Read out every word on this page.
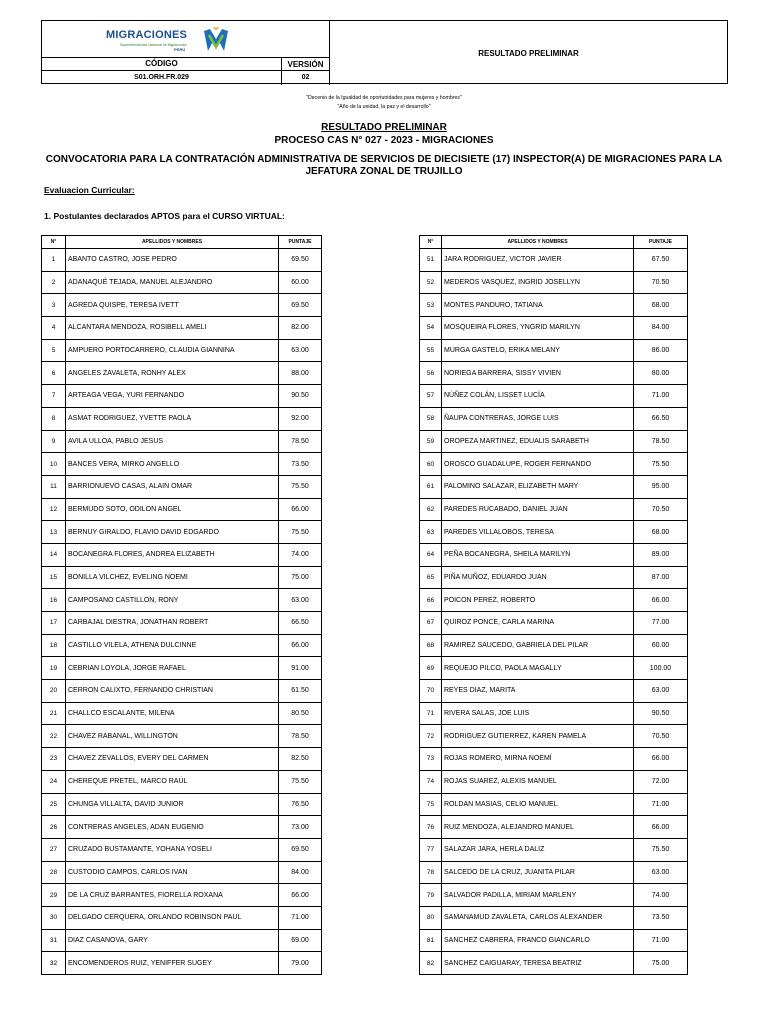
MIGRACIONES
Superintendencia Nacional de Migraciones
PERÚ	RESULTADO PRELIMINAR
CÓDIGO	VERSIÓN
S01.ORH.FR.029	02
"Decenio de la Igualdad de oportunidades para mujeres y hombres"
"Año de la unidad, la paz y el desarrollo"
RESULTADO PRELIMINAR
PROCESO CAS N° 027 - 2023 - MIGRACIONES
CONVOCATORIA PARA LA CONTRATACIÓN ADMINISTRATIVA DE SERVICIOS DE DIECISIETE (17) INSPECTOR(A) DE MIGRACIONES PARA LA JEFATURA ZONAL DE TRUJILLO
Evaluacion Curricular:
1. Postulantes declarados APTOS para el CURSO VIRTUAL:
N°	APELLIDOS Y NOMBRES	PUNTAJE
1	ABANTO CASTRO, JOSE PEDRO	69.50
2	ADANAQUÉ TEJADA, MANUEL ALEJANDRO	60.00
3	AGREDA QUISPE, TERESA IVETT	69.50
4	ALCANTARA MENDOZA, ROSIBELL AMELI	82.00
5	AMPUERO PORTOCARRERO, CLAUDIA GIANNINA	63.00
6	ANGELES ZAVALETA, RONHY ALEX	88.00
7	ARTEAGA VEGA, YURI FERNANDO	90.50
8	ASMAT RODRIGUEZ, YVETTE PAOLA	92.00
9	AVILA ULLOA, PABLO JESUS	78.50
10	BANCES VERA, MIRKO ANGELLO	73.50
11	BARRIONUEVO CASAS, ALAIN OMAR	75.50
12	BERMUDO SOTO, ODILON ANGEL	66.00
13	BERNUY GIRALDO, FLAVIO DAVID EDGARDO	75.50
14	BOCANEGRA FLORES, ANDREA ELIZABETH	74.00
15	BONILLA VILCHEZ, EVELING NOEMI	75.00
16	CAMPOSANO CASTILLON, RONY	63.00
17	CARBAJAL DIESTRA, JONATHAN ROBERT	66.50
18	CASTILLO VILELA, ATHENA DULCINNE	66.00
19	CEBRIAN LOYOLA, JORGE RAFAEL	91.00
20	CERRON CALIXTO, FERNANDO CHRISTIAN	61.50
21	CHALLCO ESCALANTE, MILENA	80.50
22	CHAVEZ RABANAL, WILLINGTON	78.50
23	CHAVEZ ZEVALLOS, EVERY DEL CARMEN	82.50
24	CHEREQUE PRETEL, MARCO RAÚL	75.50
25	CHUNGA VILLALTA, DAVID JUNIOR	76.50
26	CONTRERAS ANGELES, ADAN EUGENIO	73.00
27	CRUZADO BUSTAMANTE, YOHANA YOSELI	69.50
28	CUSTODIO CAMPOS, CARLOS IVAN	84.00
29	DE LA CRUZ BARRANTES, FIORELLA ROXANA	66.00
30	DELGADO CERQUERA, ORLANDO ROBINSON PAUL	71.00
31	DIAZ CASANOVA, GARY	69.00
32	ENCOMENDEROS RUIZ, YENIFFER SUGEY	79.00
N°	APELLIDOS Y NOMBRES	PUNTAJE
51	JARA RODRIGUEZ, VICTOR JAVIER	67.50
52	MEDEROS VASQUEZ, INGRID JOSELLYN	70.50
53	MONTES PANDURO, TATIANA	68.00
54	MOSQUEIRA FLORES, YNGRID MARILYN	84.00
55	MURGA GASTELO, ERIKA MELANY	86.00
56	NORIEGA BARRERA, SISSY VIVIEN	80.00
57	NÚÑEZ COLÁN, LISSET LUCÍA	71.00
58	ÑAUPA CONTRERAS, JORGE LUIS	66.50
59	OROPEZA MARTINEZ, EDUALIS SARABETH	78.50
60	OROSCO GUADALUPE, ROGER FERNANDO	75.50
61	PALOMINO SALAZAR, ELIZABETH MARY	95.00
62	PAREDES RUCABADO, DANIEL JUAN	70.50
63	PAREDES VILLALOBOS, TERESA	68.00
64	PEÑA BOCANEGRA, SHEILA MARILYN	89.00
65	PIÑA MUÑOZ, EDUARDO JUAN	87.00
66	POICON PEREZ, ROBERTO	66.00
67	QUIROZ PONCE, CARLA MARINA	77.00
68	RAMIREZ SAUCEDO, GABRIELA DEL PILAR	60.00
69	REQUEJO PILCO, PAOLA MAGALLY	100.00
70	REYES DIAZ, MARITA	63.00
71	RIVERA SALAS, JOE LUIS	90.50
72	RODRIGUEZ GUTIERREZ, KAREN PAMELA	70.50
73	ROJAS ROMERO, MIRNA NOEMÍ	66.00
74	ROJAS SUAREZ, ALEXIS MANUEL	72.00
75	ROLDAN MASIAS, CELIO MANUEL	71.00
76	RUIZ MENDOZA, ALEJANDRO MANUEL	66.00
77	SALAZAR JARA, HERLA DALIZ	75.50
78	SALCEDO DE LA CRUZ, JUANITA PILAR	63.00
79	SALVADOR PADILLA, MIRIAM MARLENY	74.00
80	SAMANAMUD ZAVALETA, CARLOS ALEXANDER	73.50
81	SANCHEZ CABRERA, FRANCO GIANCARLO	71.00
82	SANCHEZ CAIGUARAY, TERESA BEATRIZ	75.00
